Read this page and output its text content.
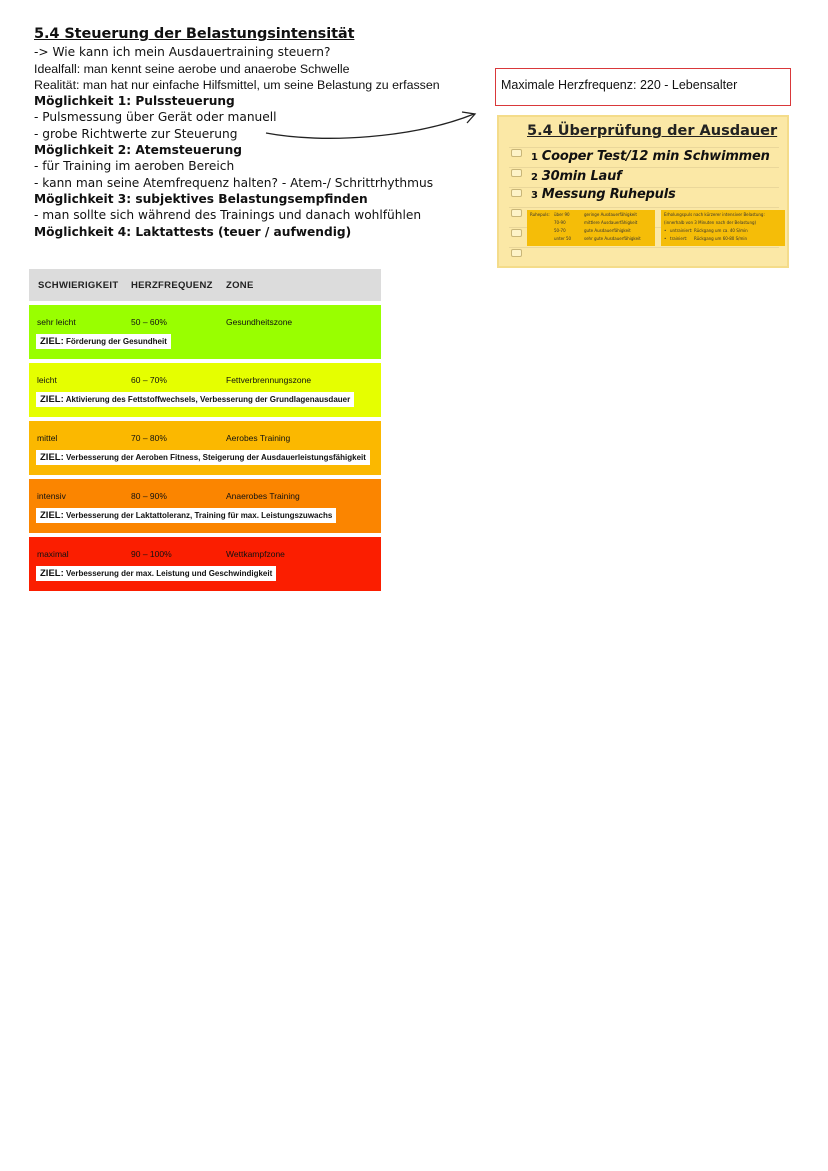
5.4 Steuerung der Belastungsintensität
-> Wie kann ich mein Ausdauertraining steuern?
Idealfall: man kennt seine aerobe und anaerobe Schwelle
Realität: man hat nur einfache Hilfsmittel, um seine Belastung zu erfassen
Möglichkeit 1: Pulssteuerung
- Pulsmessung über Gerät oder manuell
- grobe Richtwerte zur Steuerung
Möglichkeit 2: Atemsteuerung
- für Training im aeroben Bereich
- kann man seine Atemfrequenz halten? - Atem-/ Schrittrhythmus
Möglichkeit 3: subjektives Belastungsempfinden
- man sollte sich während des Trainings und danach wohlfühlen
Möglichkeit 4: Laktattests (teuer / aufwendig)
Maximale Herzfrequenz: 220 - Lebensalter
5.4 Überprüfung der Ausdauer
1 Cooper Test/12 min Schwimmen
2 30min Lauf
3 Messung Ruhepuls
Ruhepuls:	über 90	geringe Ausdauerfähigkeit
70-90	mittlere Ausdauerfähigkeit
50-70	gute Ausdauerfähigkeit
unter 50	sehr gute Ausdauerfähigkeit
Erholungspuls nach kürzerer intensiver Belastung:
(innerhalb von 3 Minuten nach der Belastung)
• untrainiert: Rückgang um ca. 40 S/min
• trainiert:	Rückgang um 60-80 S/min
SCHWIERIGKEIT HERZFREQUENZ ZONE
sehr leicht	50 – 60%	Gesundheitszone
ZIEL: Förderung der Gesundheit
leicht	60 – 70%	Fettverbrennungszone
ZIEL: Aktivierung des Fettstoffwechsels, Verbesserung der Grundlagenausdauer
mittel	70 – 80%	Aerobes Training
ZIEL: Verbesserung der Aeroben Fitness, Steigerung der Ausdauerleistungsfähigkeit
intensiv	80 – 90%	Anaerobes Training
ZIEL: Verbesserung der Laktattoleranz, Training für max. Leistungszuwachs
maximal	90 – 100%	Wettkampfzone
ZIEL: Verbesserung der max. Leistung und Geschwindigkeit
